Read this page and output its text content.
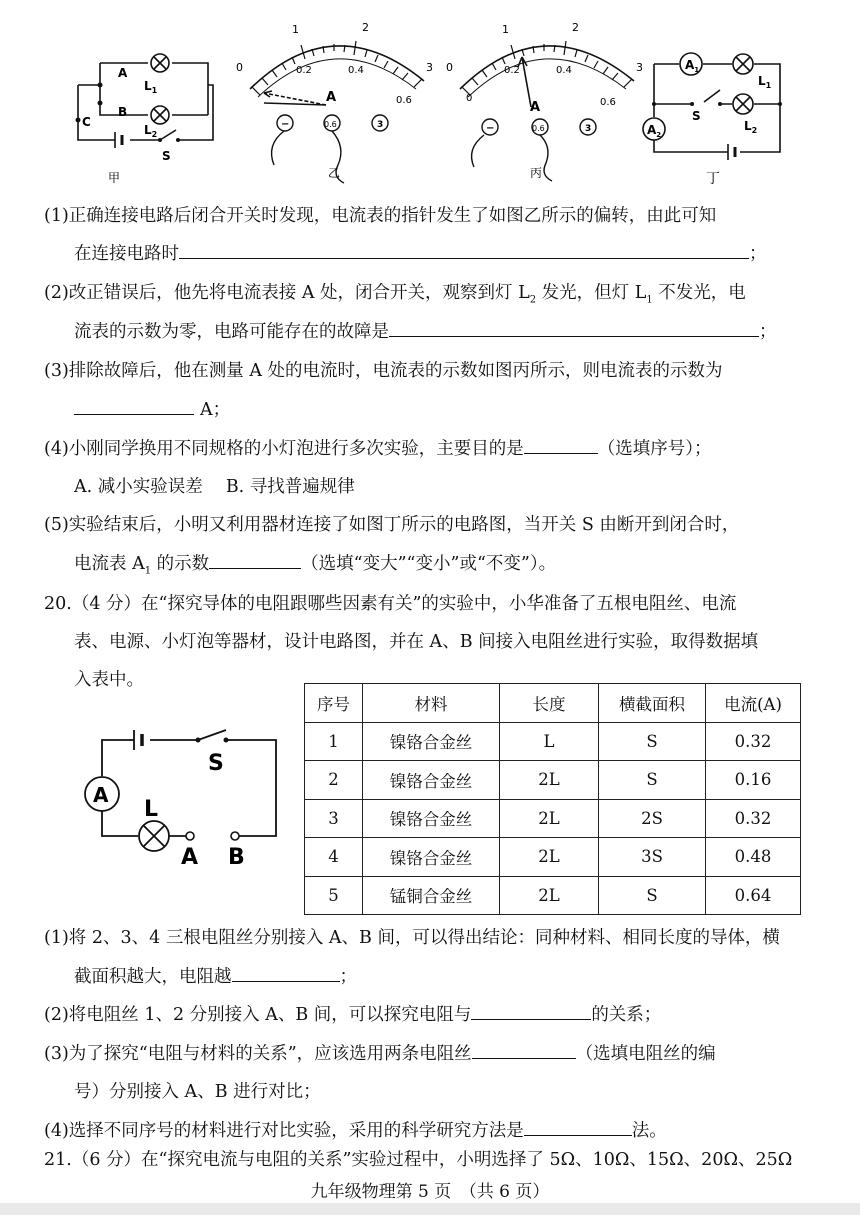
A
B
C
$L_1$
$L_2$
S
甲
0
1	2
3
0.2	0.4
0.6
A
−	0.6	3
乙
0
1	2
3
0
0.2	0.4
0.6
A
−	0.6	3
丙
$A_1$
$A_2$
$L_1$
$L_2$
S
丁
(1)正确连接电路后闭合开关时发现，电流表的指针发生了如图乙所示的偏转，由此可知
在连接电路时	；
(2)改正错误后，他先将电流表接 A 处，闭合开关，观察到灯 $L_2$ 发光，但灯 $L_1$ 不发光，电
流表的示数为零，电路可能存在的故障是	；
(3)排除故障后，他在测量 A 处的电流时，电流表的示数如图丙所示，则电流表的示数为
A；
(4)小刚同学换用不同规格的小灯泡进行多次实验，主要目的是	（选填序号）；
A. 减小实验误差　 B. 寻找普遍规律
(5)实验结束后，小明又利用器材连接了如图丁所示的电路图，当开关 S 由断开到闭合时，
电流表 $A_1$ 的示数	（选填“变大”“变小”或“不变”）。
20.（4 分）在“探究导体的电阻跟哪些因素有关”的实验中，小华准备了五根电阻丝、电流
表、电源、小灯泡等器材，设计电路图，并在 A、B 间接入电阻丝进行实验，取得数据填
入表中。
A
L
S
A B
序号	材料	长度	横截面积	电流(A)
1	镍铬合金丝	L	S	0.32
2	镍铬合金丝	2L	S	0.16
3	镍铬合金丝	2L	2S	0.32
4	镍铬合金丝	2L	3S	0.48
5	锰铜合金丝	2L	S	0.64
(1)将 2、3、4 三根电阻丝分别接入 A、B 间，可以得出结论：同种材料、相同长度的导体，横
截面积越大，电阻越	；
(2)将电阻丝 1、2 分别接入 A、B 间，可以探究电阻与	的关系；
(3)为了探究“电阻与材料的关系”，应该选用两条电阻丝	（选填电阻丝的编
号）分别接入 A、B 进行对比；
(4)选择不同序号的材料进行对比实验，采用的科学研究方法是	法。
21.（6 分）在“探究电流与电阻的关系”实验过程中，小明选择了 5Ω、10Ω、15Ω、20Ω、25Ω
九年级物理第 5 页　（共 6 页）
